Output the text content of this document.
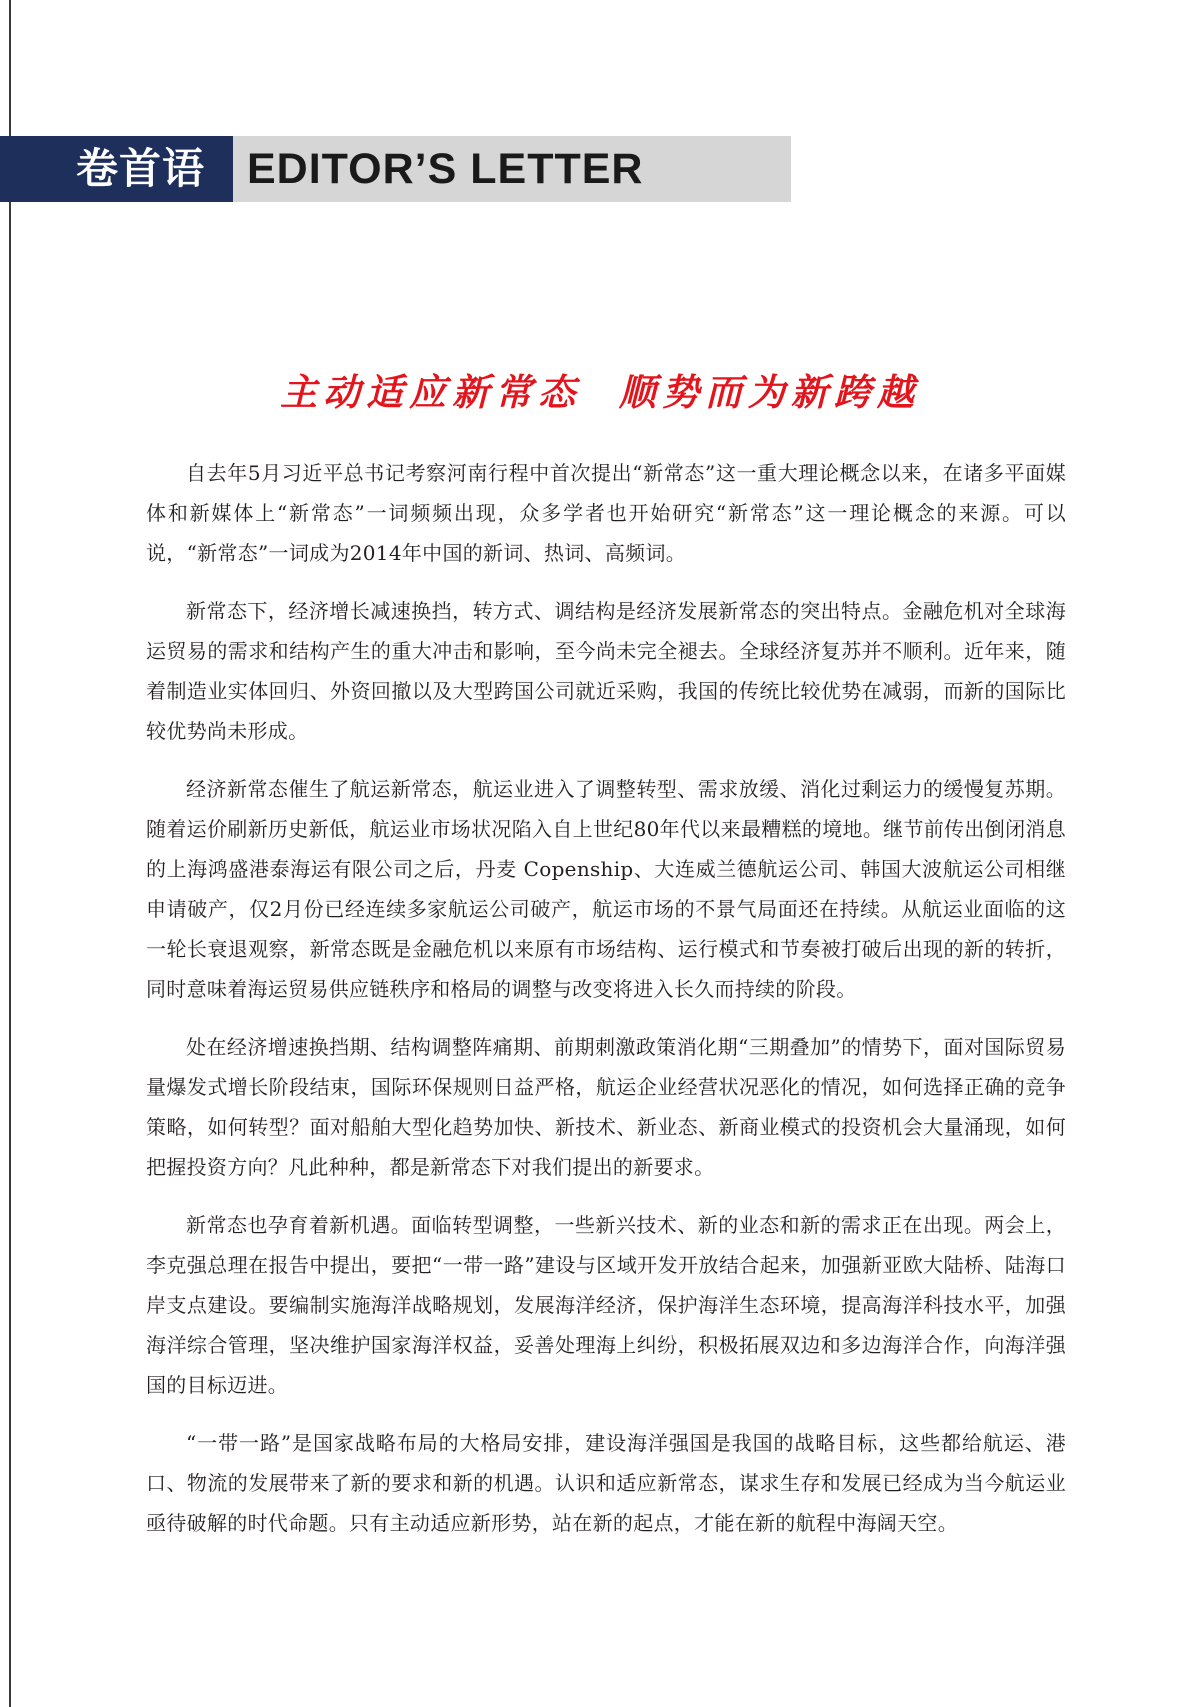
卷首语 EDITOR’S LETTER
主动适应新常态  顺势而为新跨越

自去年5月习近平总书记考察河南行程中首次提出“新常态”这一重大理论概念以来，在诸多平面媒体和新媒体上“新常态”一词频频出现，众多学者也开始研究“新常态”这一理论概念的来源。可以说，“新常态”一词成为2014年中国的新词、热词、高频词。

新常态下，经济增长减速换挡，转方式、调结构是经济发展新常态的突出特点。金融危机对全球海运贸易的需求和结构产生的重大冲击和影响，至今尚未完全褪去。全球经济复苏并不顺利。近年来，随着制造业实体回归、外资回撤以及大型跨国公司就近采购，我国的传统比较优势在减弱，而新的国际比较优势尚未形成。

经济新常态催生了航运新常态，航运业进入了调整转型、需求放缓、消化过剩运力的缓慢复苏期。随着运价刷新历史新低，航运业市场状况陷入自上世纪80年代以来最糟糕的境地。继节前传出倒闭消息的上海鸿盛港泰海运有限公司之后，丹麦 Copenship、大连威兰德航运公司、韩国大波航运公司相继申请破产，仅2月份已经连续多家航运公司破产，航运市场的不景气局面还在持续。从航运业面临的这一轮长衰退观察，新常态既是金融危机以来原有市场结构、运行模式和节奏被打破后出现的新的转折，同时意味着海运贸易供应链秩序和格局的调整与改变将进入长久而持续的阶段。

处在经济增速换挡期、结构调整阵痛期、前期刺激政策消化期“三期叠加”的情势下，面对国际贸易量爆发式增长阶段结束，国际环保规则日益严格，航运企业经营状况恶化的情况，如何选择正确的竞争策略，如何转型？面对船舶大型化趋势加快、新技术、新业态、新商业模式的投资机会大量涌现，如何把握投资方向？凡此种种，都是新常态下对我们提出的新要求。

新常态也孕育着新机遇。面临转型调整，一些新兴技术、新的业态和新的需求正在出现。两会上，李克强总理在报告中提出，要把“一带一路”建设与区域开发开放结合起来，加强新亚欧大陆桥、陆海口岸支点建设。要编制实施海洋战略规划，发展海洋经济，保护海洋生态环境，提高海洋科技水平，加强海洋综合管理，坚决维护国家海洋权益，妥善处理海上纠纷，积极拓展双边和多边海洋合作，向海洋强国的目标迈进。

“一带一路”是国家战略布局的大格局安排，建设海洋强国是我国的战略目标，这些都给航运、港口、物流的发展带来了新的要求和新的机遇。认识和适应新常态，谋求生存和发展已经成为当今航运业亟待破解的时代命题。只有主动适应新形势，站在新的起点，才能在新的航程中海阔天空。
